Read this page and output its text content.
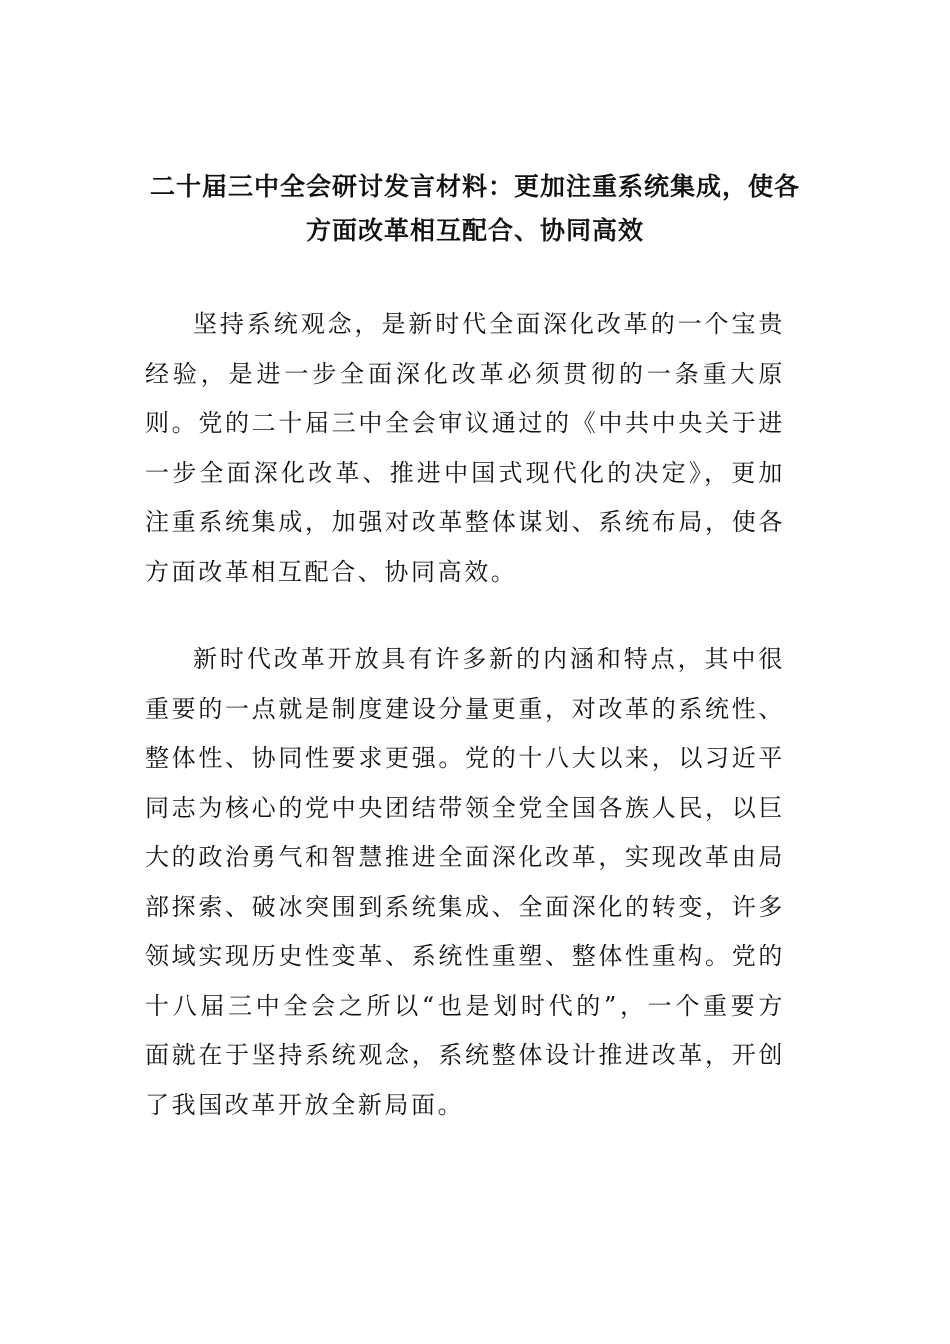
二十届三中全会研讨发言材料：更加注重系统集成，使各方面改革相互配合、协同高效

坚持系统观念，是新时代全面深化改革的一个宝贵经验，是进一步全面深化改革必须贯彻的一条重大原则。党的二十届三中全会审议通过的《中共中央关于进一步全面深化改革、推进中国式现代化的决定》，更加注重系统集成，加强对改革整体谋划、系统布局，使各方面改革相互配合、协同高效。

新时代改革开放具有许多新的内涵和特点，其中很重要的一点就是制度建设分量更重，对改革的系统性、整体性、协同性要求更强。党的十八大以来，以习近平同志为核心的党中央团结带领全党全国各族人民，以巨大的政治勇气和智慧推进全面深化改革，实现改革由局部探索、破冰突围到系统集成、全面深化的转变，许多领域实现历史性变革、系统性重塑、整体性重构。党的十八届三中全会之所以“也是划时代的”，一个重要方面就在于坚持系统观念，系统整体设计推进改革，开创了我国改革开放全新局面。
